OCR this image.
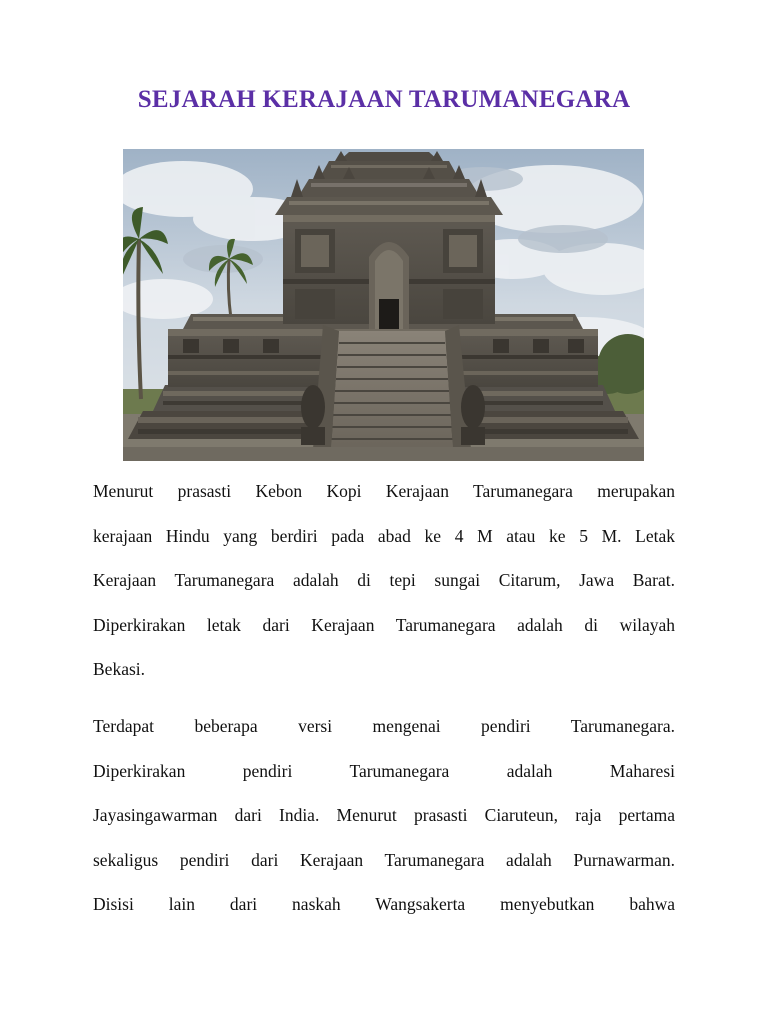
SEJARAH KERAJAAN TARUMANEGARA
Menurut prasasti Kebon Kopi Kerajaan Tarumanegara merupakan
kerajaan Hindu yang berdiri pada abad ke 4 M atau ke 5 M. Letak
Kerajaan Tarumanegara adalah di tepi sungai Citarum, Jawa Barat.
Diperkirakan letak dari Kerajaan Tarumanegara adalah di wilayah
Bekasi.
Terdapat beberapa versi mengenai pendiri Tarumanegara.
Diperkirakan pendiri Tarumanegara adalah Maharesi
Jayasingawarman dari India. Menurut prasasti Ciaruteun, raja pertama
sekaligus pendiri dari Kerajaan Tarumanegara adalah Purnawarman.
Disisi lain dari naskah Wangsakerta menyebutkan bahwa
